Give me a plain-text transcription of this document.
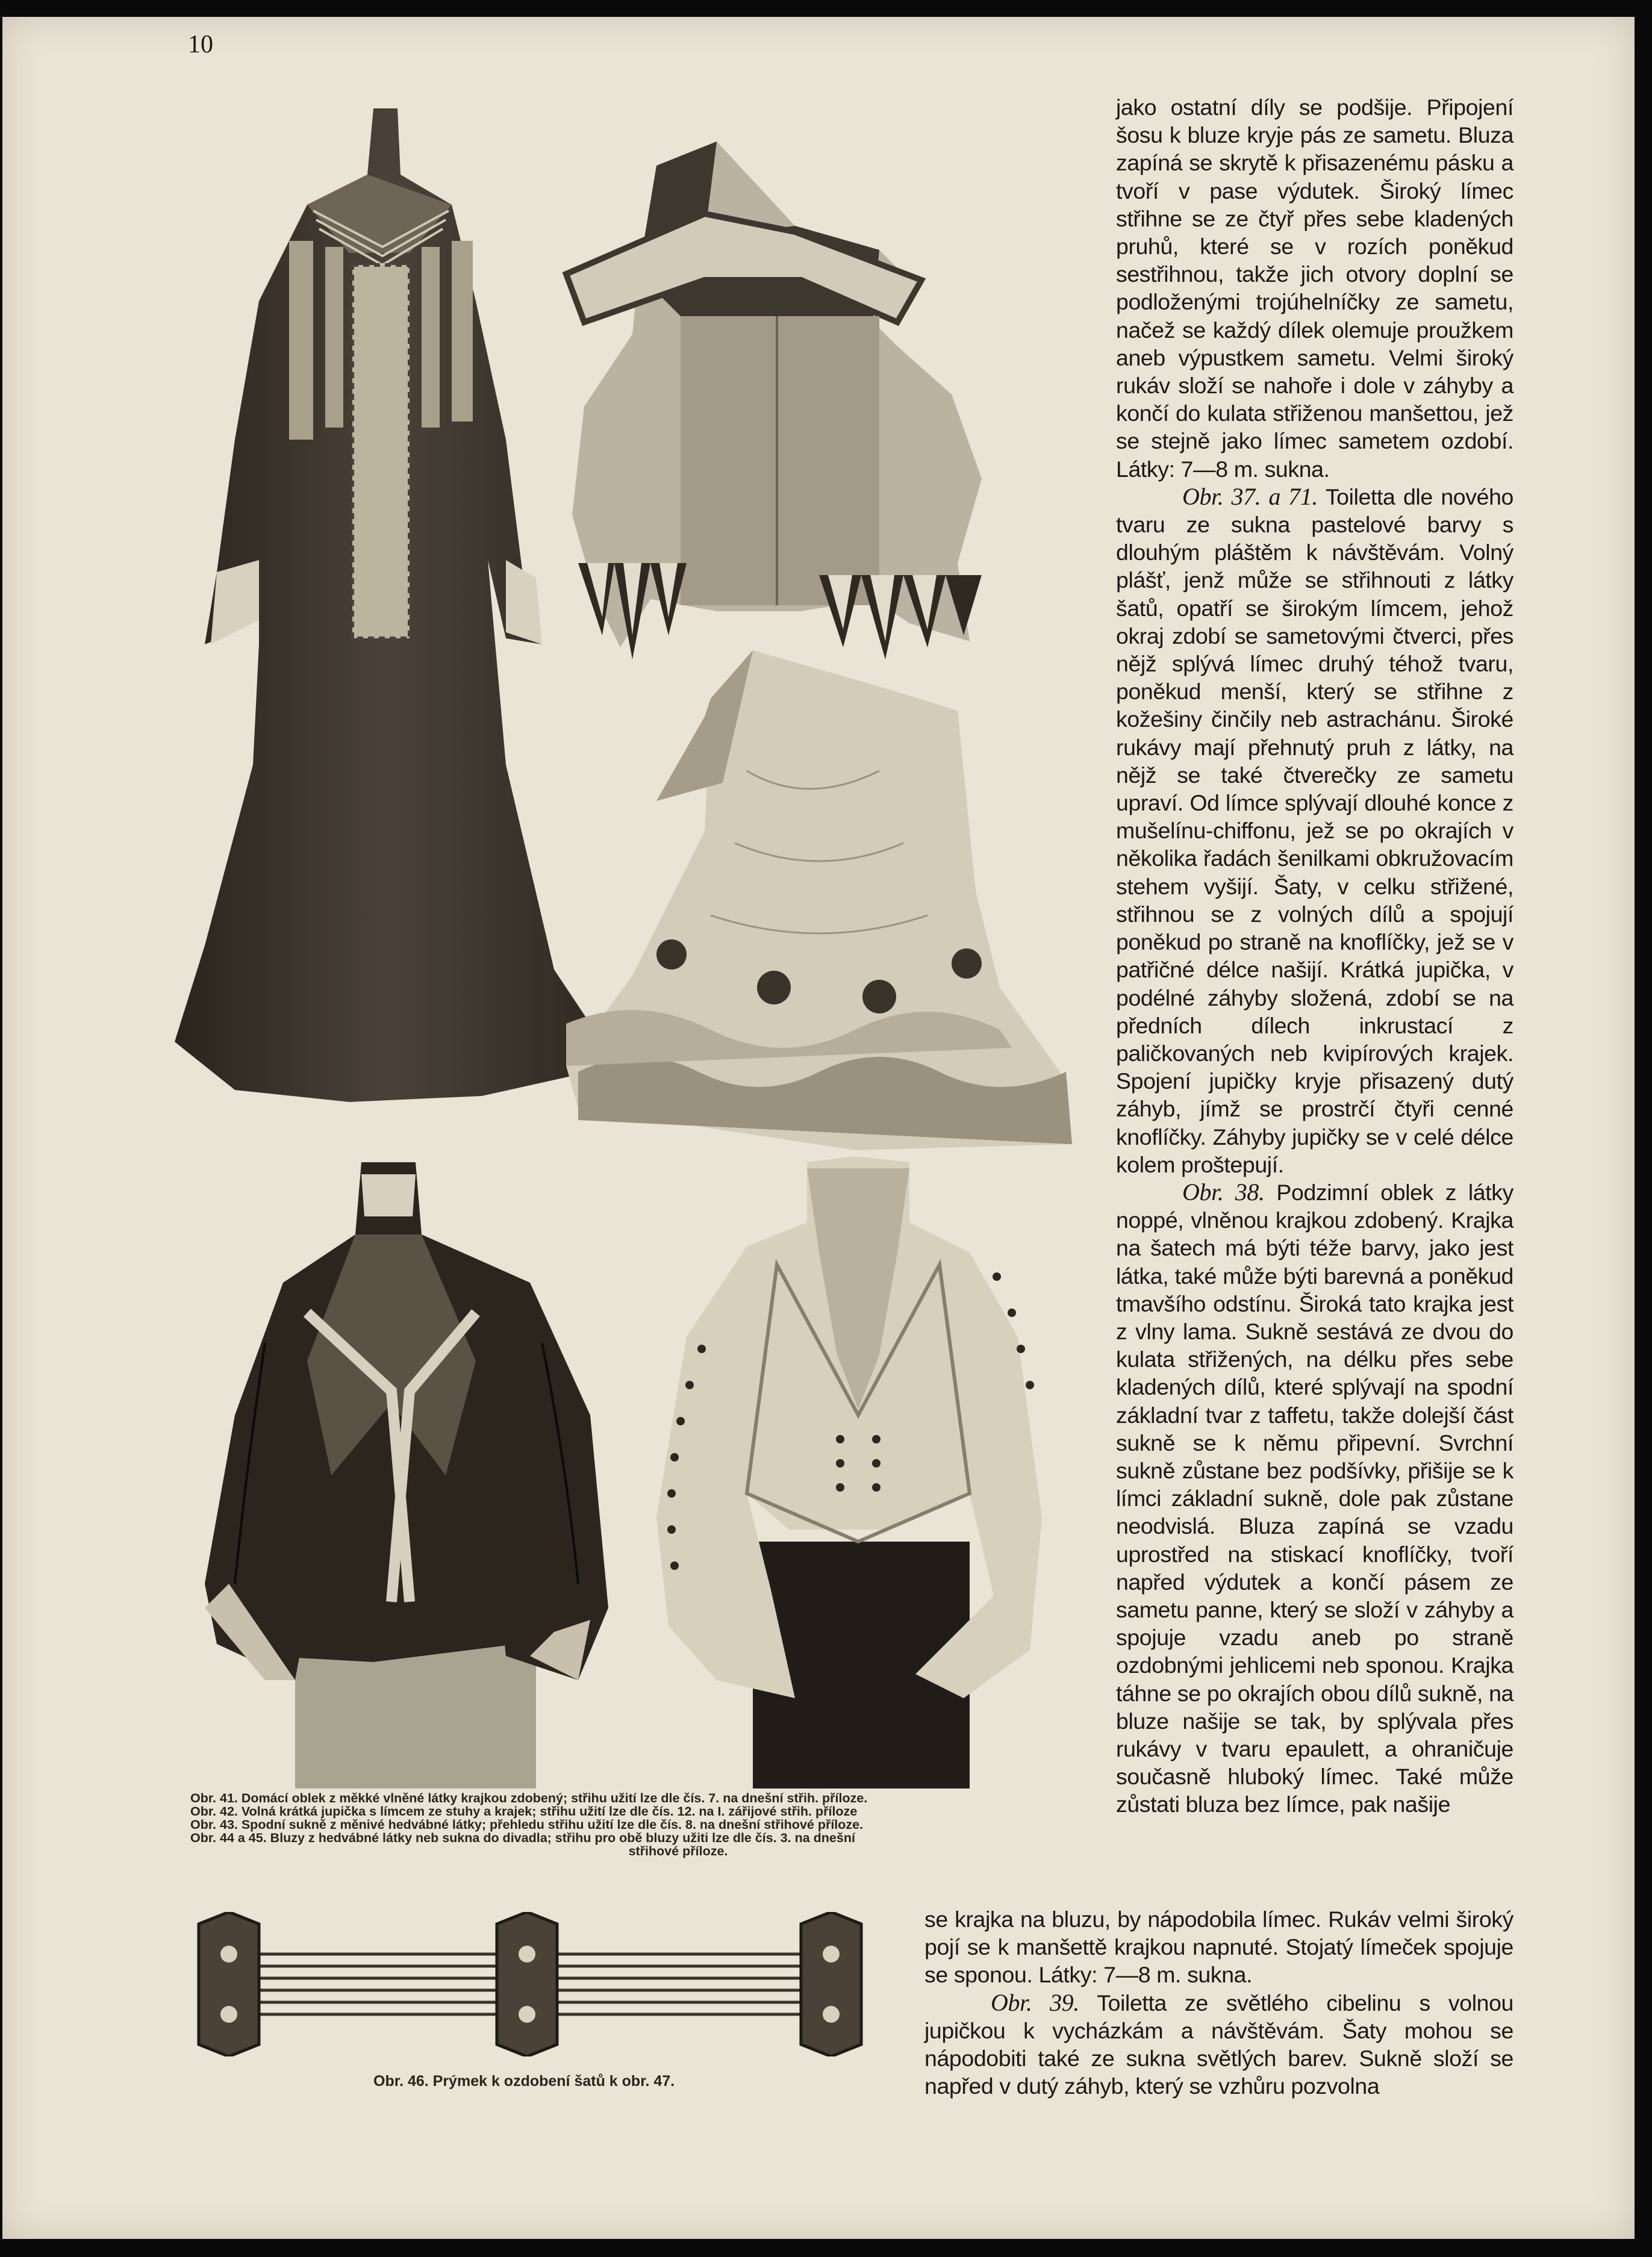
10
Obr. 41. Domácí oblek z měkké vlněné látky krajkou zdobený; střihu užití lze dle čís. 7. na dnešní střih. příloze.
Obr. 42. Volná krátká jupička s límcem ze stuhy a krajek; střihu užití lze dle čís. 12. na I. zářijové střih. příloze
Obr. 43. Spodní sukně z měnivé hedvábné látky; přehledu střihu užití lze dle čís. 8. na dnešní střihové příloze.
Obr. 44 a 45. Bluzy z hedvábné látky neb sukna do divadla; střihu pro obě bluzy užiti lze dle čís. 3. na dnešní
střihové příloze.
Obr. 46. Prýmek k ozdobení šatů k obr. 47.

jako ostatní díly se podšije. Připojení šosu k bluze kryje pás ze sametu. Bluza zapíná se skrytě k přisazenému pásku a tvoří v pase výdutek. Široký límec střihne se ze čtyř přes sebe kladených pruhů, které se v rozích poněkud sestřihnou, takže jich otvory doplní se podloženými trojúhelníčky ze sametu, načež se každý dílek olemuje proužkem aneb výpustkem sametu. Velmi široký rukáv složí se nahoře i dole v záhyby a končí do kulata střiženou manšettou, jež se stejně jako límec sametem ozdobí. Látky: 7—8 m. sukna.

Obr. 37. a 71. Toiletta dle nového tvaru ze sukna pastelové barvy s dlouhým pláštěm k návštěvám. Volný plášť, jenž může se střihnouti z látky šatů, opatří se širokým límcem, jehož okraj zdobí se sametovými čtverci, přes nějž splývá límec druhý téhož tvaru, poněkud menší, který se střihne z kožešiny činčily neb astrachánu. Široké rukávy mají přehnutý pruh z látky, na nějž se také čtverečky ze sametu upraví. Od límce splývají dlouhé konce z mušelínu-chiffonu, jež se po okrajích v několika řadách šenilkami obkružovacím stehem vyšijí. Šaty, v celku střižené, střihnou se z volných dílů a spojují poněkud po straně na knoflíčky, jež se v patřičné délce našijí. Krátká jupička, v podélné záhyby složená, zdobí se na předních dílech inkrustací z paličkovaných neb kvipírových krajek. Spojení jupičky kryje přisazený dutý záhyb, jímž se prostrčí čtyři cenné knoflíčky. Záhyby jupičky se v celé délce kolem proštepují.

Obr. 38. Podzimní oblek z látky noppé, vlněnou krajkou zdobený. Krajka na šatech má býti téže barvy, jako jest látka, také může býti barevná a poněkud tmavšího odstínu. Široká tato krajka jest z vlny lama. Sukně sestává ze dvou do kulata střižených, na délku přes sebe kladených dílů, které splývají na spodní základní tvar z taffetu, takže dolejší část sukně se k němu připevní. Svrchní sukně zůstane bez podšívky, přišije se k límci základní sukně, dole pak zůstane neodvislá. Bluza zapíná se vzadu uprostřed na stiskací knoflíčky, tvoří napřed výdutek a končí pásem ze sametu panne, který se složí v záhyby a spojuje vzadu aneb po straně ozdobnými jehlicemi neb sponou. Krajka táhne se po okrajích obou dílů sukně, na bluze našije se tak, by splývala přes rukávy v tvaru epaulett, a ohraničuje současně hluboký límec. Také může zůstati bluza bez límce, pak našije

se krajka na bluzu, by nápodobila límec. Rukáv velmi široký pojí se k manšettě krajkou napnuté. Stojatý límeček spojuje se sponou. Látky: 7—8 m. sukna.

Obr. 39. Toiletta ze světlého cibelinu s volnou jupičkou k vycházkám a návštěvám. Šaty mohou se nápodobiti také ze sukna světlých barev. Sukně složí se napřed v dutý záhyb, který se vzhůru pozvolna
